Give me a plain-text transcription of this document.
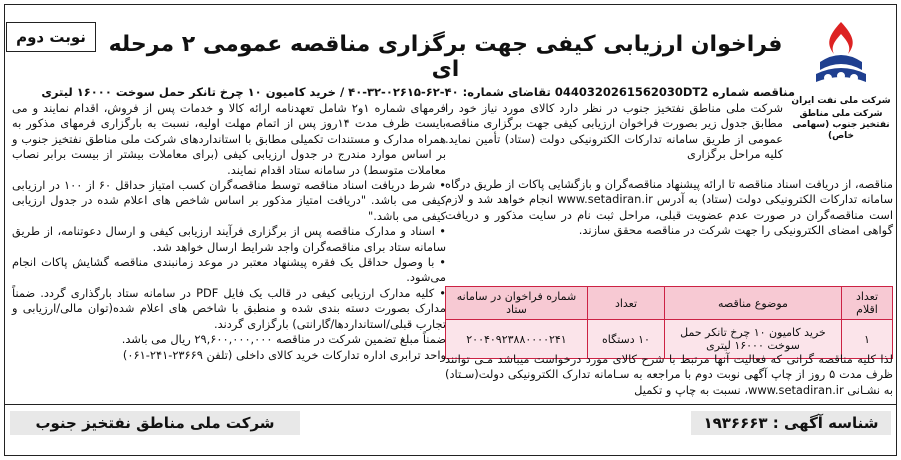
نوبت دوم	فراخوان ارزیابی کیفی جهت برگزاری مناقصه عمومی ۲ مرحله ای
شرکت ملی نفت ایران
شرکت ملی مناطق نفتخیز جنوب (سهامی خاص)
مناقصه شماره 0440320261562030DT2 تقاضای شماره: ۴۰-۶۲-۰۲۶۱۵-۳۲-۴۰ / خرید کامیون ۱۰ چرخ تانکر حمل سوخت ۱۶۰۰۰ لیتری
شرکت ملی مناطق نفتخیز جنوب در نظر دارد کالای مورد نیاز خود را مطابق جدول زیر بصورت فراخوان ارزیابی کیفی جهت برگزاری مناقصه عمومی از طریق سامانه تدارکات الکترونیکی دولت (ستاد) تأمین نماید. کلیه مراحل برگزاری
مناقصه، از دریافت اسناد مناقصه تا ارائه پیشنهاد مناقصه‌گران و بازگشایی پاکات از طریق درگاه سامانه تدارکات الکترونیکی دولت (ستاد) به آدرس www.setadiran.ir انجام خواهد شد و لازم است مناقصه‌گران در صورت عدم عضویت قبلی، مراحل ثبت نام در سایت مذکور و دریافت گواهی امضای الکترونیکی را جهت شرکت در مناقصه محقق سازند.
تعداد اقلام	موضوع مناقصه	تعداد	شماره فراخوان در سامانه ستاد
۱	خرید کامیون ۱۰ چرخ تانکر حمل سوخت ۱۶۰۰۰ لیتری	۱۰ دستگاه	۲۰۰۴۰۹۲۳۸۸۰۰۰۰۲۴۱
لذا کلیه مناقصه گرانی که فعالیت آنها مرتبط با شرح کالای مورد درخواست میباشد مـی توانند ظرف مدت ۵ روز از چاپ آگهی نوبت دوم با مراجعه به سـامانه تدارک الکترونیکی دولت(سـتاد) به نشـانی www.setadiran.ir، نسبت به چاپ و تکمیل

فرمهای شماره ۱و۲ شامل تعهدنامه ارائه کالا و خدمات پس از فروش، اقدام نمایند و می بایست ظرف مدت ۱۴روز پس از اتمام مهلت اولیه، نسبت به بارگزاری فرمهای مذکور به همراه مدارک و مستندات تکمیلی مطابق با استانداردهای شرکت ملی مناطق نفتخیز جنوب و بر اساس موارد مندرج در جدول ارزیابی کیفی (برای معاملات بیشتر از بیست برابر نصاب معاملات متوسط) در سامانه ستاد اقدام نمایند.

• شرط دریافت اسناد مناقصه توسط مناقصه‌گران کسب امتیاز حداقل ۶۰ از ۱۰۰ در ارزیابی کیفی می باشد. "دریافت امتیاز مذکور بر اساس شاخص های اعلام شده در جدول ارزیابی کیفی می باشد."

• اسناد و مدارک مناقصه پس از برگزاری فرآیند ارزیابی کیفی و ارسال دعوتنامه، از طریق سامانه ستاد برای مناقصه‌گران واجد شرایط ارسال خواهد شد.

• با وصول حداقل یک فقره پیشنهاد معتبر در موعد زمانبندی مناقصه گشایش پاکات انجام می‌شود.

• کلیه مدارک ارزیابی کیفی در قالب یک فایل PDF در سامانه ستاد بارگذاری گردد. ضمناً مدارک بصورت دسته بندی شده و منطبق با شاخص های اعلام شده(توان مالی/ارزیابی و تجارب قبلی/استانداردها/گارانتی) بارگزاری گردند.

ضمناً مبلغ تضمین شرکت در مناقصه ۲۹,۶۰۰,۰۰۰,۰۰۰ ریال می باشد.

واحد ترابری اداره تدارکات خرید کالای داخلی (تلفن ۲۳۶۶۹-۲۴۱-۰۶۱)

شرکت ملی مناطق نفتخیز جنوب	شناسه آگهی : ۱۹۳۶۶۶۳
